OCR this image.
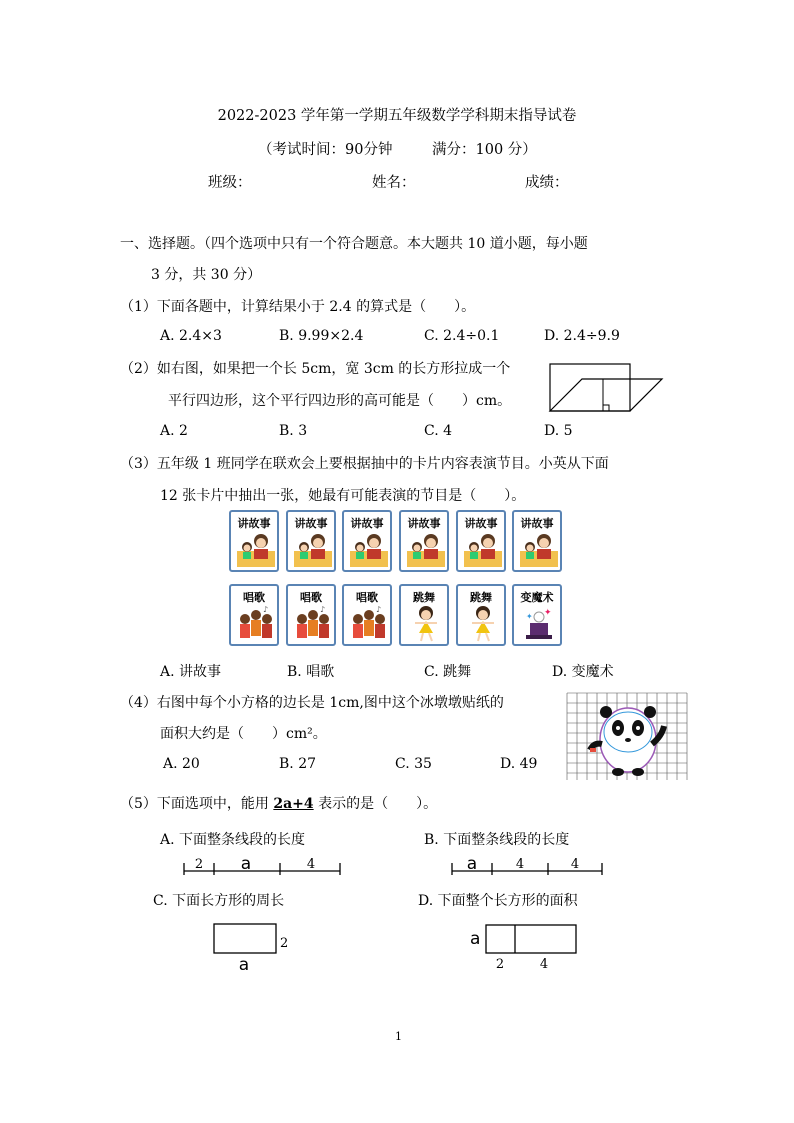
2022-2023 学年第一学期五年级数学学科期末指导试卷
（考试时间：90分钟	满分：100 分）
班级：	姓名：	成绩：
一、选择题。（四个选项中只有一个符合题意。本大题共 10 道小题，每小题
3 分，共 30 分）
（1）下面各题中，计算结果小于 2.4 的算式是（　　）。
A. 2.4×3	B. 9.99×2.4	C. 2.4÷0.1	D. 2.4÷9.9
（2）如右图，如果把一个长 5cm，宽 3cm 的长方形拉成一个
平行四边形，这个平行四边形的高可能是（　　）cm。
A. 2	B. 3	C. 4	D. 5
（3）五年级 1 班同学在联欢会上要根据抽中的卡片内容表演节目。小英从下面
12 张卡片中抽出一张，她最有可能表演的节目是（　　）。
讲故事	讲故事	讲故事	讲故事	讲故事	讲故事
唱歌
♪
唱歌
♪
唱歌
♪
跳舞	跳舞	变魔术
✦
✦
A. 讲故事	B. 唱歌	C. 跳舞	D. 变魔术
（4）右图中每个小方格的边长是 1cm,图中这个冰墩墩贴纸的
面积大约是（　　）cm²。
A. 20	B. 27	C. 35	D. 49
（5）下面选项中，能用 2a+4 表示的是（　　）。
A. 下面整条线段的长度	B. 下面整条线段的长度
2 a	4	a	4	4
C. 下面长方形的周长	D. 下面整个长方形的面积
2
a
a
2	4
1
